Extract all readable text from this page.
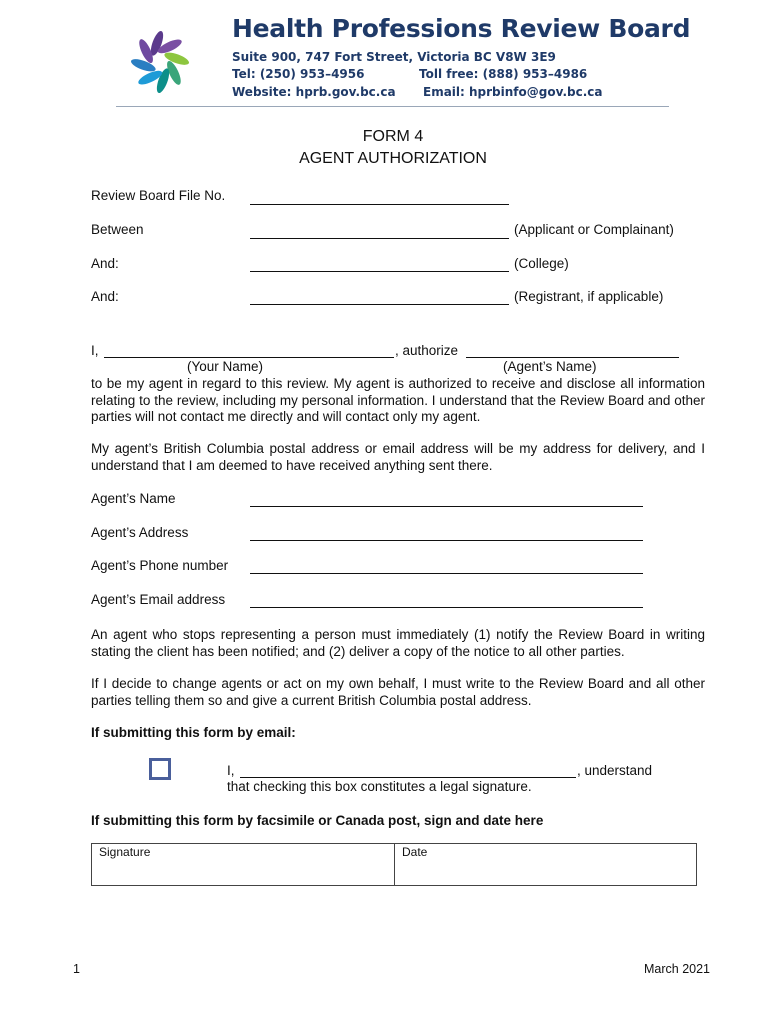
Health Professions Review Board
Suite 900, 747 Fort Street, Victoria BC V8W 3E9
Tel: (250) 953–4956	Toll free: (888) 953–4986
Website: hprb.gov.bc.ca Email: hprbinfo@gov.bc.ca
FORM 4
AGENT AUTHORIZATION
Review Board File No.
Between	(Applicant or Complainant)
And:	(College)
And:	(Registrant, if applicable)
I,	, authorize
(Your Name)	(Agent’s Name)
to be my agent in regard to this review. My agent is authorized to receive and disclose all information relating to the review, including my personal information. I understand that the Review Board and other parties will not contact me directly and will contact only my agent.
My agent’s British Columbia postal address or email address will be my address for delivery, and I understand that I am deemed to have received anything sent there.
Agent’s Name
Agent’s Address
Agent’s Phone number
Agent’s Email address
An agent who stops representing a person must immediately (1) notify the Review Board in writing stating the client has been notified; and (2) deliver a copy of the notice to all other parties.
If I decide to change agents or act on my own behalf, I must write to the Review Board and all other parties telling them so and give a current British Columbia postal address.
If submitting this form by email:
I,	, understand
that checking this box constitutes a legal signature.
If submitting this form by facsimile or Canada post, sign and date here
Signature	Date
1	March 2021
